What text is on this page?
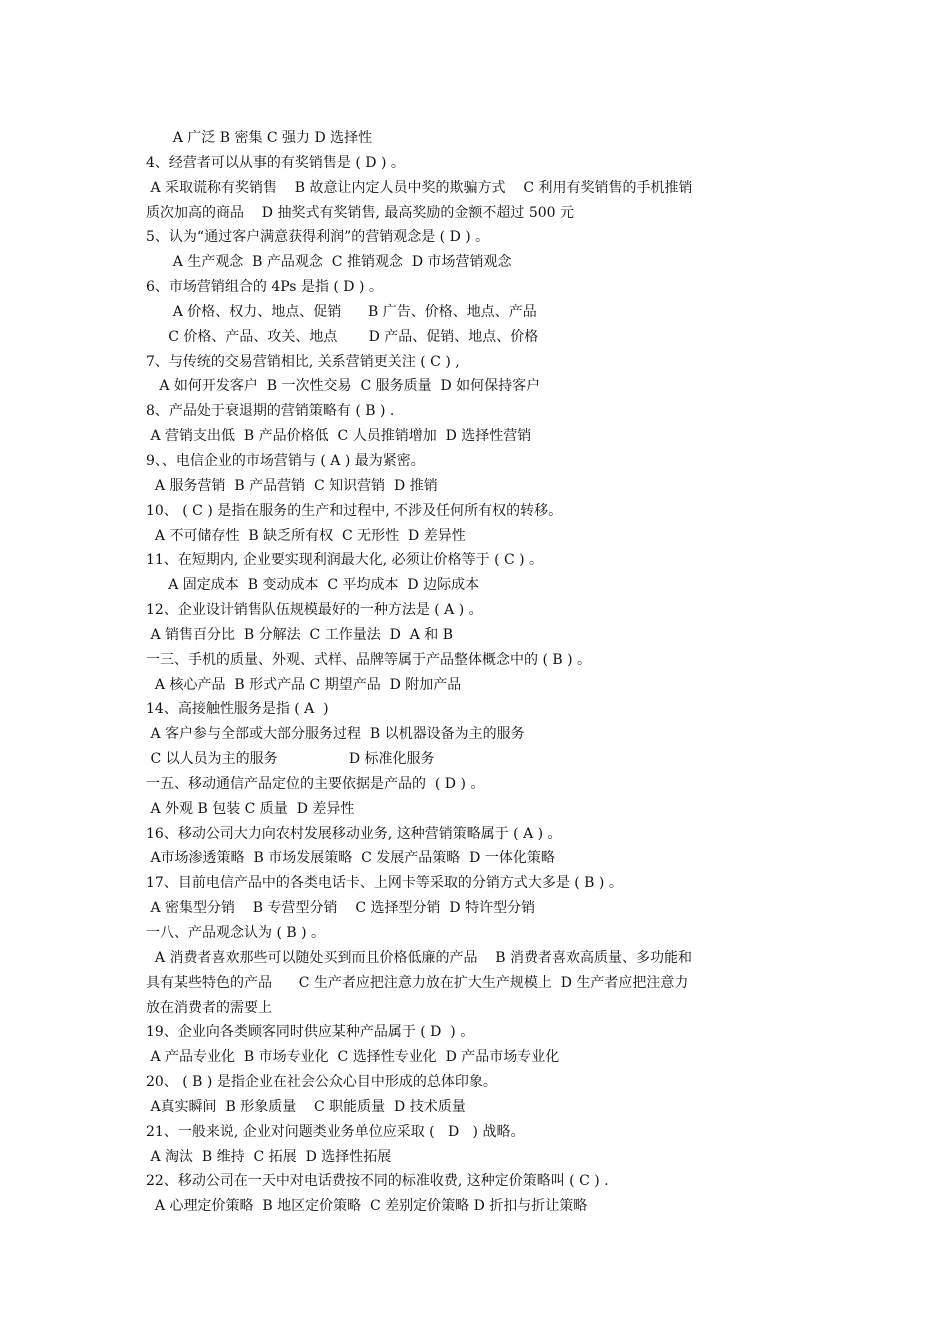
A 广泛 B 密集 C 强力 D 选择性
4、经营者可以从事的有奖销售是 ( D ) 。
A 采取谎称有奖销售    B 故意让内定人员中奖的欺骗方式    C 利用有奖销售的手机推销
质次加高的商品    D 抽奖式有奖销售, 最高奖励的金额不超过 500 元
5、认为“通过客户满意获得利润”的营销观念是 ( D ) 。
A 生产观念  B 产品观念  C 推销观念  D 市场营销观念
6、市场营销组合的 4Ps 是指 ( D ) 。
A 价格、权力、地点、促销      B 广告、价格、地点、产品
C 价格、产品、攻关、地点       D 产品、促销、地点、价格
7、与传统的交易营销相比, 关系营销更关注 ( C ) ,
A 如何开发客户  B 一次性交易  C 服务质量  D 如何保持客户
8、产品处于衰退期的营销策略有 ( B ) .
A 营销支出低  B 产品价格低  C 人员推销增加  D 选择性营销
9、、电信企业的市场营销与 ( A ) 最为紧密。
A 服务营销  B 产品营销  C 知识营销  D 推销
10、 ( C ) 是指在服务的生产和过程中, 不涉及任何所有权的转移。
A 不可储存性  B 缺乏所有权  C 无形性  D 差异性
11、在短期内, 企业要实现利润最大化, 必须让价格等于 ( C ) 。
A 固定成本  B 变动成本  C 平均成本  D 边际成本
12、企业设计销售队伍规模最好的一种方法是 ( A ) 。
A 销售百分比  B 分解法  C 工作量法  D  A 和 B
一三、手机的质量、外观、式样、品牌等属于产品整体概念中的 ( B ) 。
A 核心产品  B 形式产品 C 期望产品  D 附加产品
14、高接触性服务是指 ( A  )
A 客户参与全部或大部分服务过程  B 以机器设备为主的服务
C 以人员为主的服务                D 标准化服务
一五、移动通信产品定位的主要依据是产品的  ( D ) 。
A 外观 B 包装 C 质量  D 差异性
16、移动公司大力向农村发展移动业务, 这种营销策略属于 ( A ) 。
A市场渗透策略  B 市场发展策略  C 发展产品策略  D 一体化策略
17、目前电信产品中的各类电话卡、上网卡等采取的分销方式大多是 ( B ) 。
A 密集型分销    B 专营型分销    C 选择型分销  D 特许型分销
一八、产品观念认为 ( B ) 。
A 消费者喜欢那些可以随处买到而且价格低廉的产品    B 消费者喜欢高质量、多功能和
具有某些特色的产品      C 生产者应把注意力放在扩大生产规模上  D 生产者应把注意力
放在消费者的需要上
19、企业向各类顾客同时供应某种产品属于 ( D  ) 。
A 产品专业化  B 市场专业化  C 选择性专业化  D 产品市场专业化
20、 ( B ) 是指企业在社会公众心目中形成的总体印象。
A真实瞬间  B 形象质量    C 职能质量  D 技术质量
21、一般来说, 企业对问题类业务单位应采取 (   D   ) 战略。
A 淘汰  B 维持  C 拓展  D 选择性拓展
22、移动公司在一天中对电话费按不同的标准收费, 这种定价策略叫 ( C ) .
A 心理定价策略  B 地区定价策略  C 差别定价策略 D 折扣与折让策略
